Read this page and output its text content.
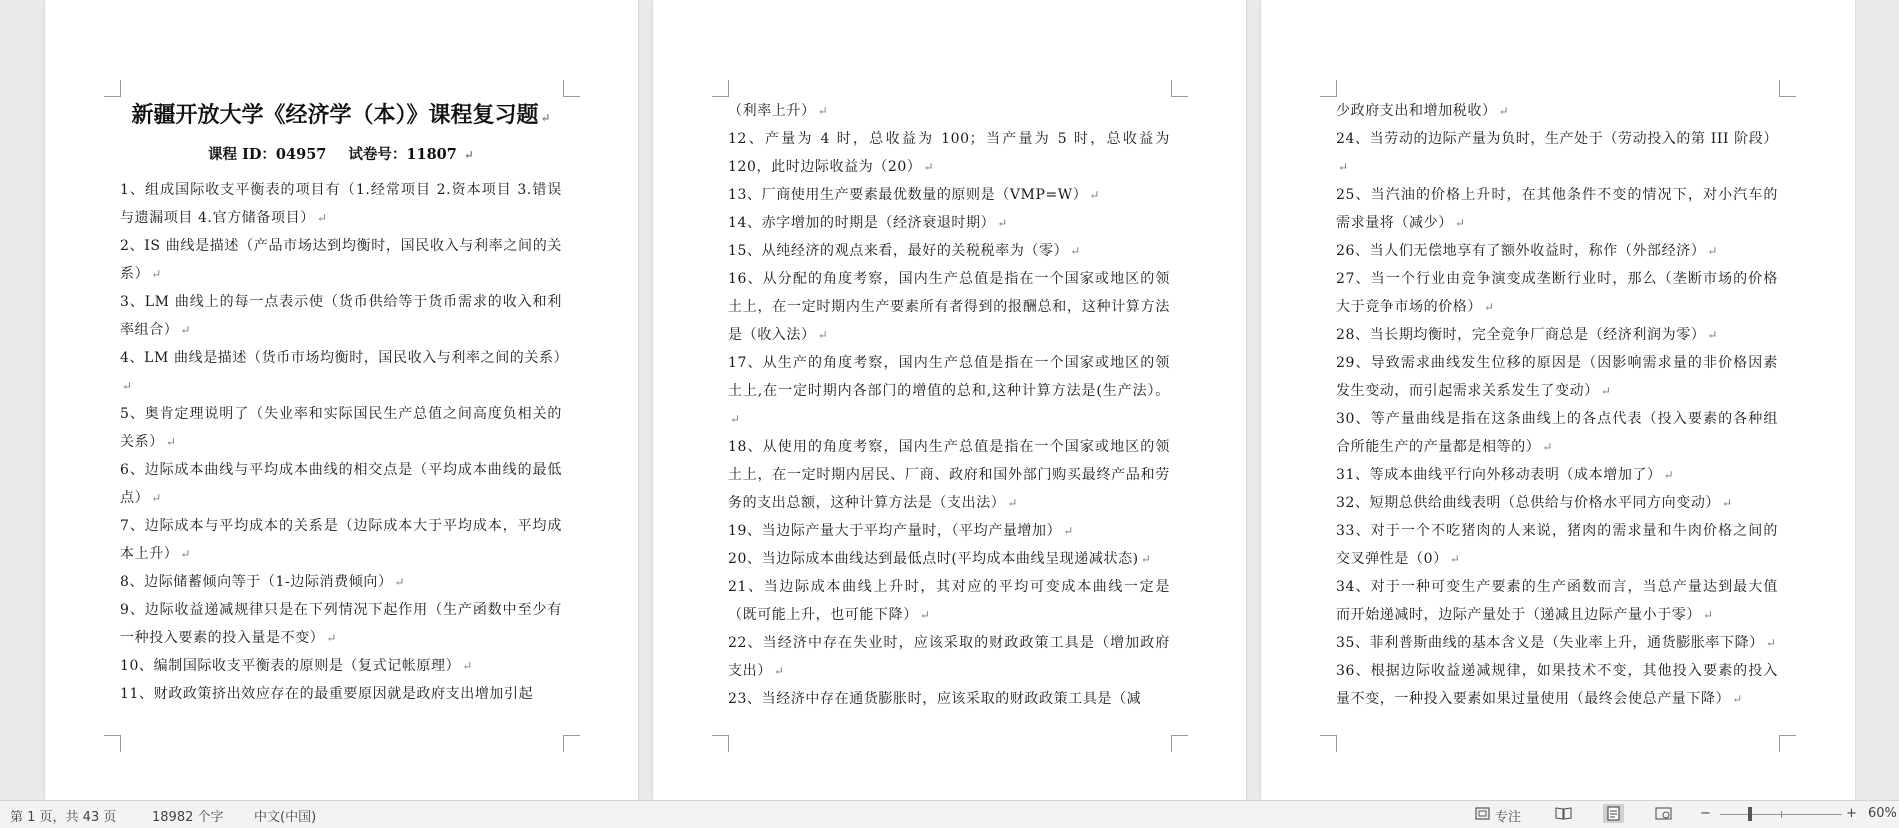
新疆开放大学《经济学（本）》课程复习题 ↵
课程 ID：04957 试卷号：11807 ↵

1、组成国际收支平衡表的项目有（1.经常项目 2.资本项目 3.错误与遗漏项目 4.官方储备项目） ↵

2、IS 曲线是描述（产品市场达到均衡时，国民收入与利率之间的关系） ↵

3、LM 曲线上的每一点表示使（货币供给等于货币需求的收入和利率组合） ↵

4、LM 曲线是描述（货币市场均衡时，国民收入与利率之间的关系） ↵

5、奥肯定理说明了（失业率和实际国民生产总值之间高度负相关的关系） ↵

6、边际成本曲线与平均成本曲线的相交点是（平均成本曲线的最低点） ↵

7、边际成本与平均成本的关系是（边际成本大于平均成本，平均成本上升） ↵

8、边际储蓄倾向等于（1-边际消费倾向） ↵

9、边际收益递减规律只是在下列情况下起作用（生产函数中至少有一种投入要素的投入量是不变） ↵

10、编制国际收支平衡表的原则是（复式记帐原理） ↵

11、财政政策挤出效应存在的最重要原因就是政府支出增加引起

（利率上升） ↵

12、产量为 4 时，总收益为 100；当产量为 5 时，总收益为 120，此时边际收益为（20） ↵

13、厂商使用生产要素最优数量的原则是（VMP=W） ↵

14、赤字增加的时期是（经济衰退时期） ↵

15、从纯经济的观点来看，最好的关税税率为（零） ↵

16、从分配的角度考察，国内生产总值是指在一个国家或地区的领土上，在一定时期内生产要素所有者得到的报酬总和，这种计算方法是（收入法） ↵

17、从生产的角度考察，国内生产总值是指在一个国家或地区的领土上,在一定时期内各部门的增值的总和,这种计算方法是(生产法）。 ↵

18、从使用的角度考察，国内生产总值是指在一个国家或地区的领土上，在一定时期内居民、厂商、政府和国外部门购买最终产品和劳务的支出总额，这种计算方法是（支出法） ↵

19、当边际产量大于平均产量时，（平均产量增加） ↵

20、当边际成本曲线达到最低点时(平均成本曲线呈现递减状态) ↵

21、当边际成本曲线上升时，其对应的平均可变成本曲线一定是（既可能上升，也可能下降） ↵

22、当经济中存在失业时，应该采取的财政政策工具是（增加政府支出） ↵

23、当经济中存在通货膨胀时，应该采取的财政政策工具是（减

少政府支出和增加税收） ↵

24、当劳动的边际产量为负时，生产处于（劳动投入的第 III 阶段） ↵

25、当汽油的价格上升时，在其他条件不变的情况下，对小汽车的需求量将（减少） ↵

26、当人们无偿地享有了额外收益时，称作（外部经济） ↵

27、当一个行业由竞争演变成垄断行业时，那么（垄断市场的价格大于竞争市场的价格） ↵

28、当长期均衡时，完全竞争厂商总是（经济利润为零） ↵

29、导致需求曲线发生位移的原因是（因影响需求量的非价格因素发生变动，而引起需求关系发生了变动） ↵

30、等产量曲线是指在这条曲线上的各点代表（投入要素的各种组合所能生产的产量都是相等的） ↵

31、等成本曲线平行向外移动表明（成本增加了） ↵

32、短期总供给曲线表明（总供给与价格水平同方向变动） ↵

33、对于一个不吃猪肉的人来说，猪肉的需求量和牛肉价格之间的交叉弹性是（0） ↵

34、对于一种可变生产要素的生产函数而言，当总产量达到最大值而开始递减时，边际产量处于（递减且边际产量小于零） ↵

35、菲利普斯曲线的基本含义是（失业率上升，通货膨胀率下降） ↵

36、根据边际收益递减规律，如果技术不变，其他投入要素的投入量不变，一种投入要素如果过量使用（最终会使总产量下降） ↵

第 1 页，共 43 页	18982 个字 中文(中国)	专注	−	+ 60%
